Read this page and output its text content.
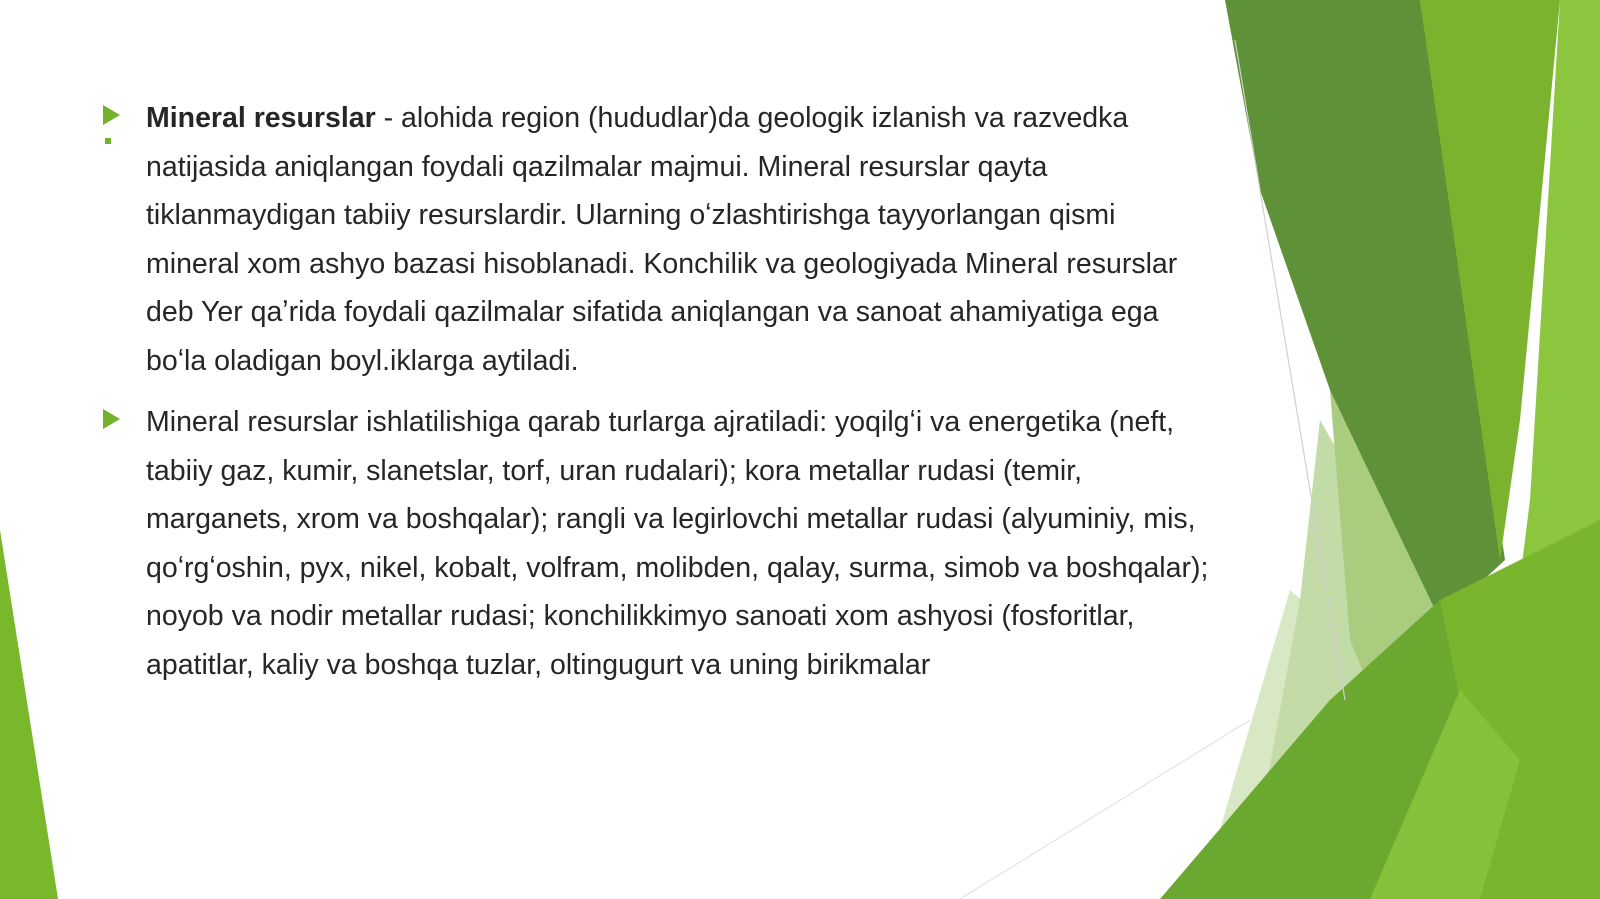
Mineral resurslar - alohida region (hududlar)da geologik izlanish va razvedka natijasida aniqlangan foydali qazilmalar majmui. Mineral resurslar qayta tiklanmaydigan tabiiy resurslardir. Ularning oʻzlashtirishga tayyorlangan qismi mineral xom ashyo bazasi hisoblanadi. Konchilik va geologiyada Mineral resurslar deb Yer qaʼrida foydali qazilmalar sifatida aniqlangan va sanoat ahamiyatiga ega boʻla oladigan boyl.iklarga aytiladi.
Mineral resurslar ishlatilishiga qarab turlarga ajratiladi: yoqilgʻi va energetika (neft, tabiiy gaz, kumir, slanetslar, torf, uran rudalari); kora metallar rudasi (temir, marganets, xrom va boshqalar); rangli va legirlovchi metallar rudasi (alyuminiy, mis, qoʻrgʻoshin, pyx, nikel, kobalt, volfram, molibden, qalay, surma, simob va boshqalar); noyob va nodir metallar rudasi; konchilikkimyo sanoati xom ashyosi (fosforitlar, apatitlar, kaliy va boshqa tuzlar, oltingugurt va uning birikmalar
